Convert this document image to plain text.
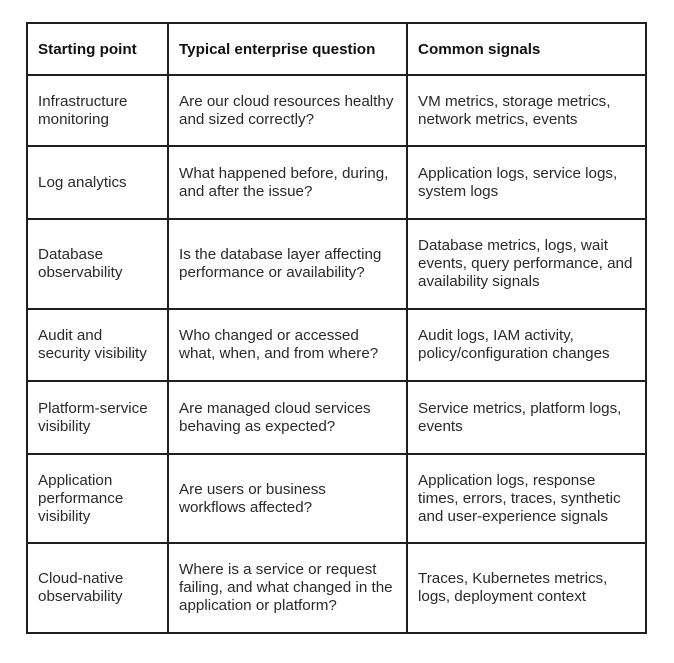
Starting point	Typical enterprise question	Common signals

Infrastructure monitoring	Are our cloud resources healthy and sized correctly?	VM metrics, storage metrics, network metrics, events

Log analytics	What happened before, during, and after the issue?	Application logs, service logs, system logs

Database observability	Is the database layer affecting performance or availability?	Database metrics, logs, wait events, query performance, and availability signals

Audit and security visibility	Who changed or accessed what, when, and from where?	Audit logs, IAM activity, policy/configuration changes

Platform-service visibility	Are managed cloud services behaving as expected?	Service metrics, platform logs, events

Application performance visibility	Are users or business workflows affected?	Application logs, response times, errors, traces, synthetic and user-experience signals

Cloud-native observability	Where is a service or request failing, and what changed in the application or platform?	Traces, Kubernetes metrics, logs, deployment context
